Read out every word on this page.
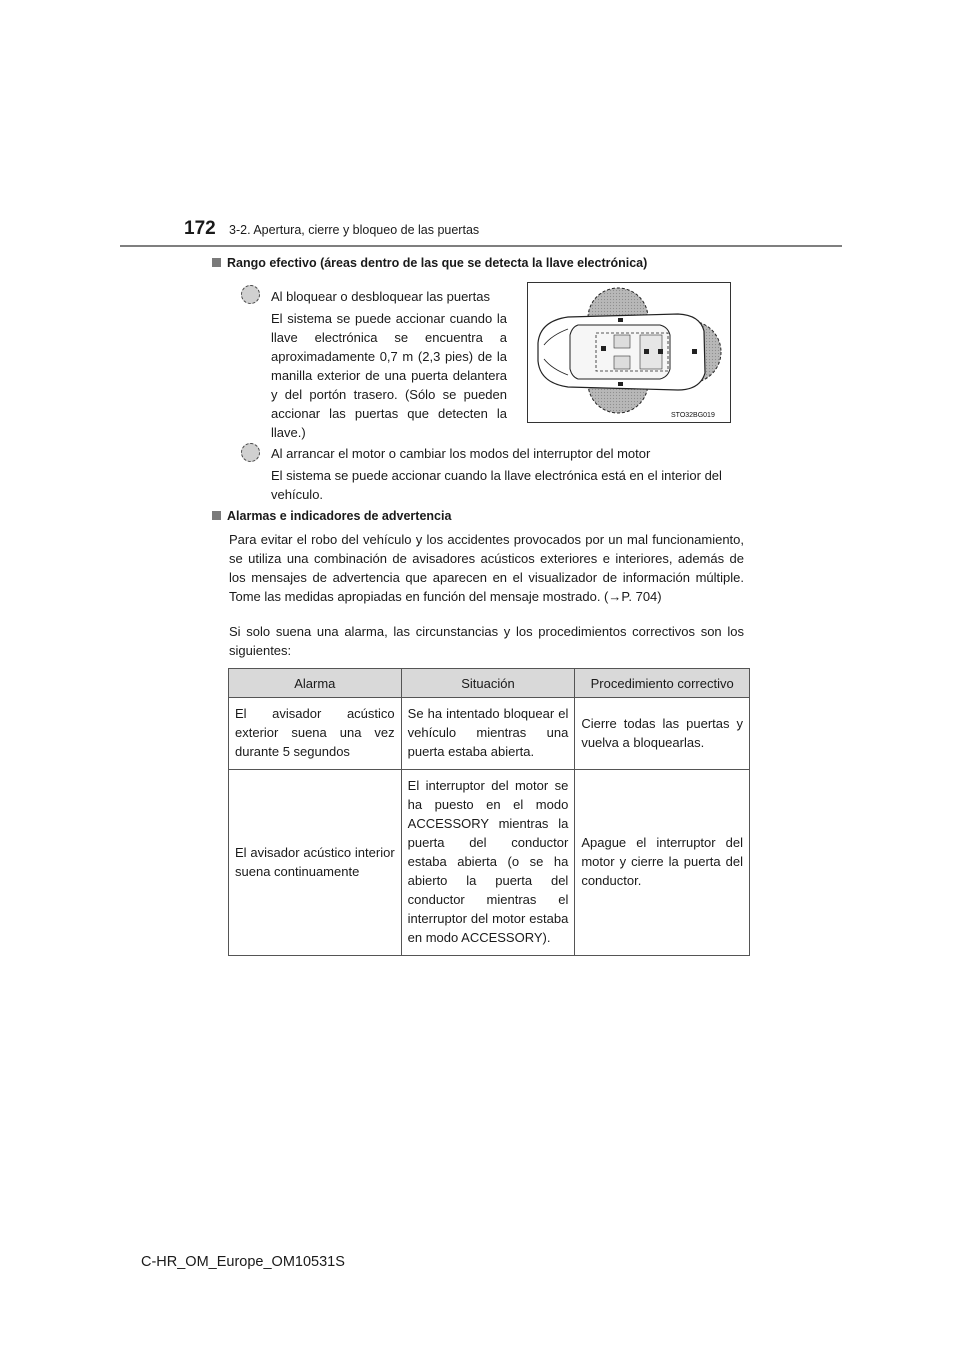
172 3-2. Apertura, cierre y bloqueo de las puertas
Rango efectivo (áreas dentro de las que se detecta la llave electrónica)
Al bloquear o desbloquear las puertas
El sistema se puede accionar cuando la llave electrónica se encuentra a aproximadamente 0,7 m (2,3 pies) de la manilla exterior de una puerta delantera y del portón trasero. (Sólo se pueden accionar las puertas que detecten la llave.)
STO32BG019
Al arrancar el motor o cambiar los modos del interruptor del motor
El sistema se puede accionar cuando la llave electrónica está en el interior del vehículo.
Alarmas e indicadores de advertencia
Para evitar el robo del vehículo y los accidentes provocados por un mal funcionamiento, se utiliza una combinación de avisadores acústicos exteriores e interiores, además de los mensajes de advertencia que aparecen en el visualizador de información múltiple. Tome las medidas apropiadas en función del mensaje mostrado. (→P. 704)
Si solo suena una alarma, las circunstancias y los procedimientos correctivos son los siguientes:
Alarma	Situación	Procedimiento correctivo
El avisador acústico exterior suena una vez durante 5 segundos	Se ha intentado bloquear el vehículo mientras una puerta estaba abierta.	Cierre todas las puertas y vuelva a bloquearlas.
El avisador acústico interior suena continuamente	El interruptor del motor se ha puesto en el modo ACCESSORY mientras la puerta del conductor estaba abierta (o se ha abierto la puerta del conductor mientras el interruptor del motor estaba en modo ACCESSORY).	Apague el interruptor del motor y cierre la puerta del conductor.
C-HR_OM_Europe_OM10531S
